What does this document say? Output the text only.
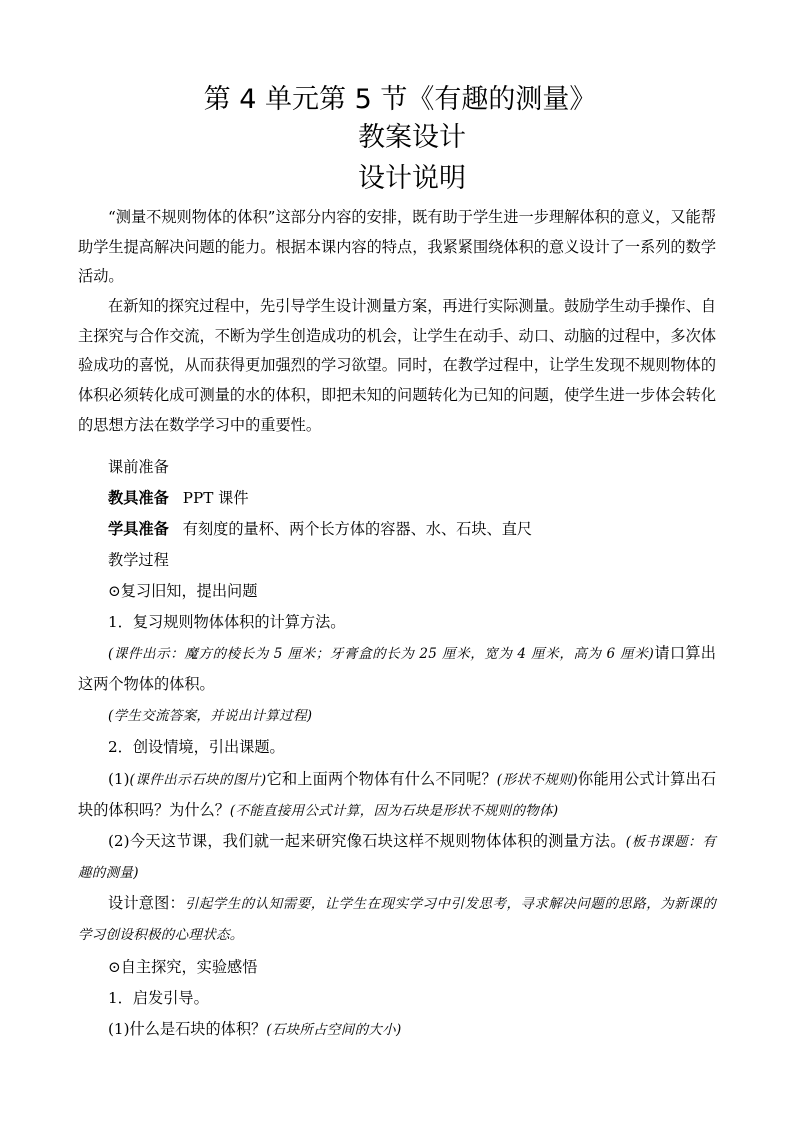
第 4 单元第 5 节《有趣的测量》
教案设计
设计说明
“测量不规则物体的体积”这部分内容的安排，既有助于学生进一步理解体积的意义，又能帮助学生提高解决问题的能力。根据本课内容的特点，我紧紧围绕体积的意义设计了一系列的数学活动。
在新知的探究过程中，先引导学生设计测量方案，再进行实际测量。鼓励学生动手操作、自主探究与合作交流，不断为学生创造成功的机会，让学生在动手、动口、动脑的过程中，多次体验成功的喜悦，从而获得更加强烈的学习欲望。同时，在教学过程中，让学生发现不规则物体的体积必须转化成可测量的水的体积，即把未知的问题转化为已知的问题，使学生进一步体会转化的思想方法在数学学习中的重要性。
课前准备
教具准备 PPT 课件
学具准备 有刻度的量杯、两个长方体的容器、水、石块、直尺
教学过程
⊙复习旧知，提出问题
1．复习规则物体体积的计算方法。
(课件出示：魔方的棱长为 5 厘米；牙膏盒的长为 25 厘米，宽为 4 厘米，高为 6 厘米)请口算出这两个物体的体积。
(学生交流答案，并说出计算过程)
2．创设情境，引出课题。
(1)(课件出示石块的图片)它和上面两个物体有什么不同呢？(形状不规则)你能用公式计算出石块的体积吗？为什么？(不能直接用公式计算，因为石块是形状不规则的物体)
(2)今天这节课，我们就一起来研究像石块这样不规则物体体积的测量方法。(板书课题：有趣的测量)
设计意图：引起学生的认知需要，让学生在现实学习中引发思考，寻求解决问题的思路，为新课的学习创设积极的心理状态。
⊙自主探究，实验感悟
1．启发引导。
(1)什么是石块的体积？(石块所占空间的大小)
